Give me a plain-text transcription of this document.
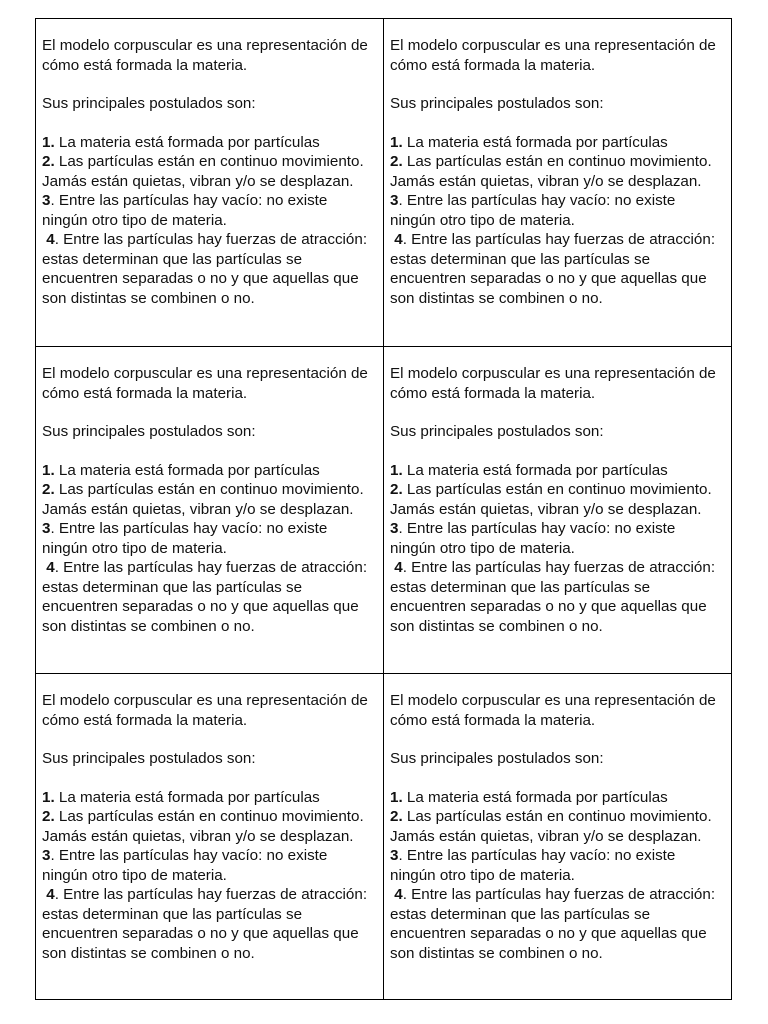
El modelo corpuscular es una representación de cómo está formada la materia.

Sus principales postulados son:

1. La materia está formada por partículas

2. Las partículas están en continuo movimiento. Jamás están quietas, vibran y/o se desplazan.

3. Entre las partículas hay vacío: no existe ningún otro tipo de materia.

4. Entre las partículas hay fuerzas de atracción: estas determinan que las partículas se encuentren separadas o no y que aquellas que son distintas se combinen o no.

El modelo corpuscular es una representación de cómo está formada la materia.

Sus principales postulados son:

1. La materia está formada por partículas

2. Las partículas están en continuo movimiento. Jamás están quietas, vibran y/o se desplazan.

3. Entre las partículas hay vacío: no existe ningún otro tipo de materia.

4. Entre las partículas hay fuerzas de atracción: estas determinan que las partículas se encuentren separadas o no y que aquellas que son distintas se combinen o no.

El modelo corpuscular es una representación de cómo está formada la materia.

Sus principales postulados son:

1. La materia está formada por partículas

2. Las partículas están en continuo movimiento. Jamás están quietas, vibran y/o se desplazan.

3. Entre las partículas hay vacío: no existe ningún otro tipo de materia.

4. Entre las partículas hay fuerzas de atracción: estas determinan que las partículas se encuentren separadas o no y que aquellas que son distintas se combinen o no.

El modelo corpuscular es una representación de cómo está formada la materia.

Sus principales postulados son:

1. La materia está formada por partículas

2. Las partículas están en continuo movimiento. Jamás están quietas, vibran y/o se desplazan.

3. Entre las partículas hay vacío: no existe ningún otro tipo de materia.

4. Entre las partículas hay fuerzas de atracción: estas determinan que las partículas se encuentren separadas o no y que aquellas que son distintas se combinen o no.

El modelo corpuscular es una representación de cómo está formada la materia.

Sus principales postulados son:

1. La materia está formada por partículas

2. Las partículas están en continuo movimiento. Jamás están quietas, vibran y/o se desplazan.

3. Entre las partículas hay vacío: no existe ningún otro tipo de materia.

4. Entre las partículas hay fuerzas de atracción: estas determinan que las partículas se encuentren separadas o no y que aquellas que son distintas se combinen o no.

El modelo corpuscular es una representación de cómo está formada la materia.

Sus principales postulados son:

1. La materia está formada por partículas

2. Las partículas están en continuo movimiento. Jamás están quietas, vibran y/o se desplazan.

3. Entre las partículas hay vacío: no existe ningún otro tipo de materia.

4. Entre las partículas hay fuerzas de atracción: estas determinan que las partículas se encuentren separadas o no y que aquellas que son distintas se combinen o no.
